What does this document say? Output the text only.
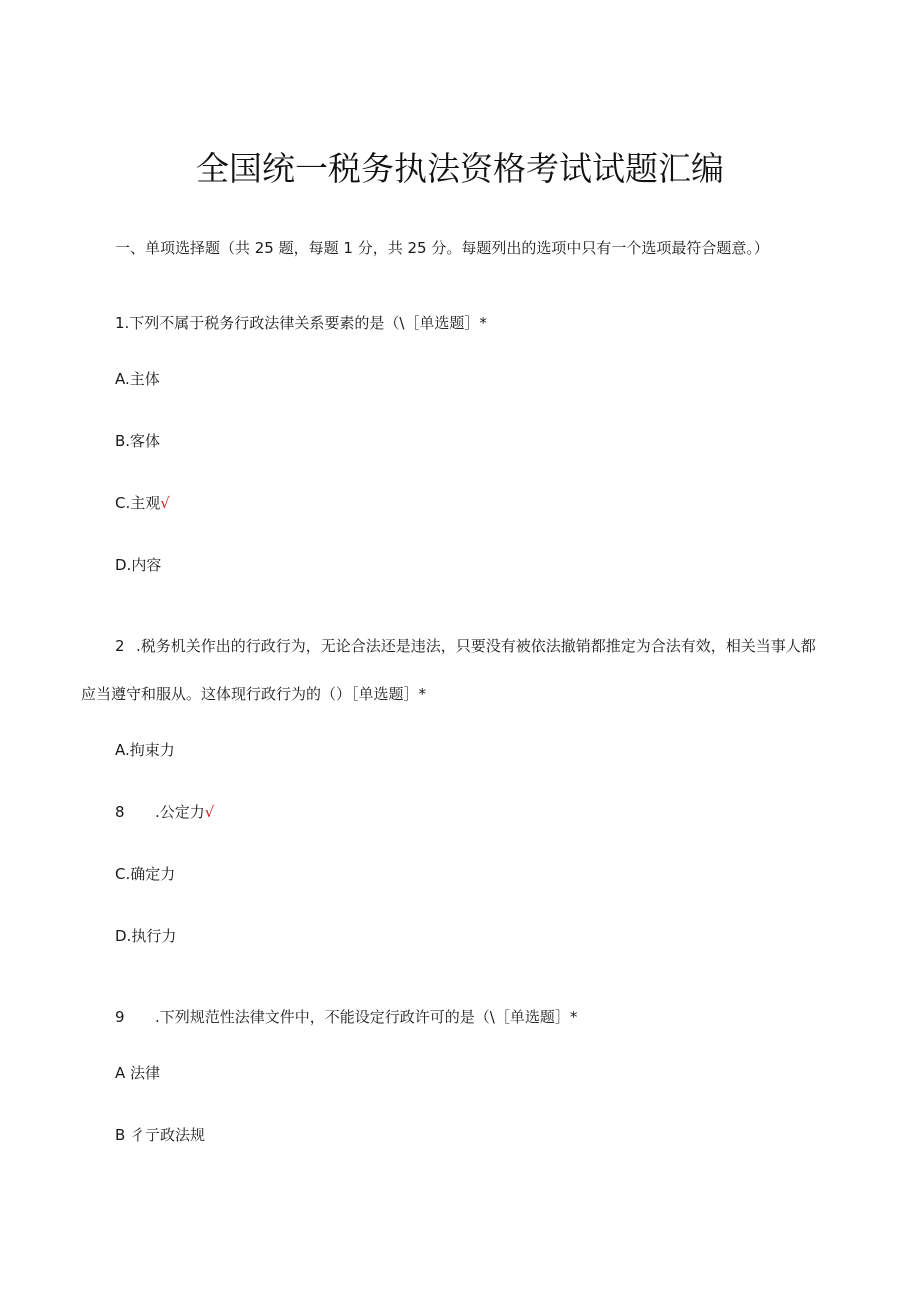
全国统一税务执法资格考试试题汇编
一、单项选择题（共 25 题，每题 1 分，共 25 分。每题列出的选项中只有一个选项最符合题意。）
1.下列不属于税务行政法律关系要素的是（\［单选题］*
A.主体
B.客体
C.主观√
D.内容
2 .税务机关作出的行政行为，无论合法还是违法，只要没有被依法撤销都推定为合法有效，相关当事人都
应当遵守和服从。这体现行政行为的（）［单选题］*
A.拘束力
8 .公定力√
C.确定力
D.执行力
9 .下列规范性法律文件中，不能设定行政许可的是（\［单选题］*
A 法律
B 彳亍政法规
